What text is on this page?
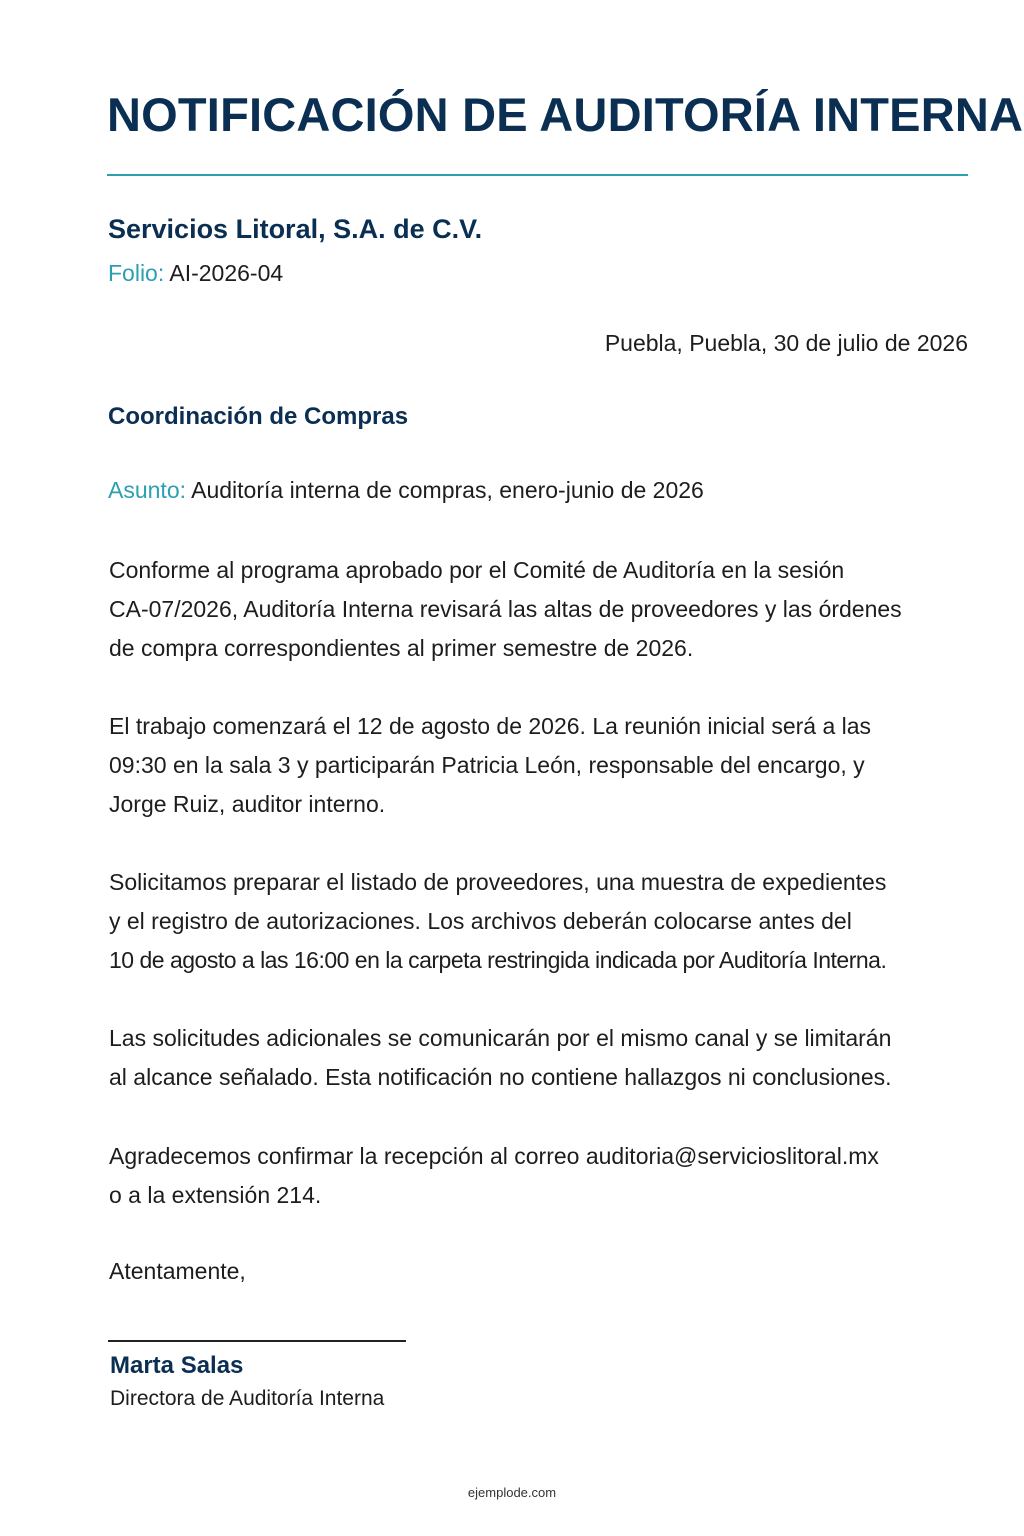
NOTIFICACIÓN DE AUDITORÍA INTERNA
Servicios Litoral, S.A. de C.V.
Folio: AI-2026-04
Puebla, Puebla, 30 de julio de 2026
Coordinación de Compras
Asunto: Auditoría interna de compras, enero-junio de 2026

Conforme al programa aprobado por el Comité de Auditoría en la sesión
CA-07/2026, Auditoría Interna revisará las altas de proveedores y las órdenes
de compra correspondientes al primer semestre de 2026.

El trabajo comenzará el 12 de agosto de 2026. La reunión inicial será a las
09:30 en la sala 3 y participarán Patricia León, responsable del encargo, y
Jorge Ruiz, auditor interno.

Solicitamos preparar el listado de proveedores, una muestra de expedientes
y el registro de autorizaciones. Los archivos deberán colocarse antes del
10 de agosto a las 16:00 en la carpeta restringida indicada por Auditoría Interna.

Las solicitudes adicionales se comunicarán por el mismo canal y se limitarán
al alcance señalado. Esta notificación no contiene hallazgos ni conclusiones.

Agradecemos confirmar la recepción al correo auditoria@servicioslitoral.mx
o a la extensión 214.

Atentamente,
Marta Salas
Directora de Auditoría Interna
ejemplode.com
